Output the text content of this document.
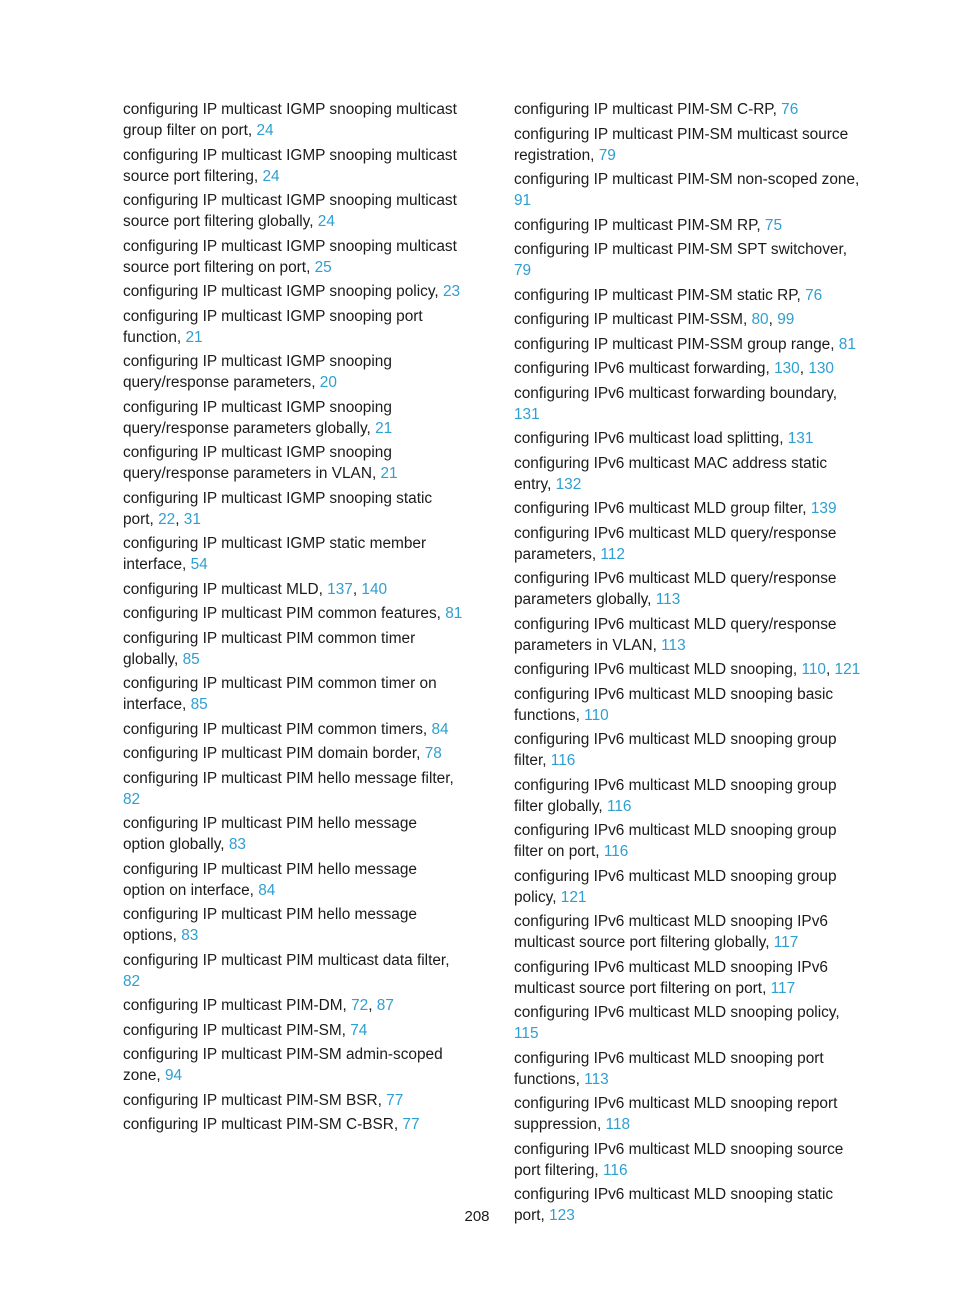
configuring IP multicast IGMP snooping multicast group filter on port, 24
configuring IP multicast IGMP snooping multicast source port filtering, 24
configuring IP multicast IGMP snooping multicast source port filtering globally, 24
configuring IP multicast IGMP snooping multicast source port filtering on port, 25
configuring IP multicast IGMP snooping policy, 23
configuring IP multicast IGMP snooping port function, 21
configuring IP multicast IGMP snooping query/response parameters, 20
configuring IP multicast IGMP snooping query/response parameters globally, 21
configuring IP multicast IGMP snooping query/response parameters in VLAN, 21
configuring IP multicast IGMP snooping static port, 22, 31
configuring IP multicast IGMP static member interface, 54
configuring IP multicast MLD, 137, 140
configuring IP multicast PIM common features, 81
configuring IP multicast PIM common timer globally, 85
configuring IP multicast PIM common timer on interface, 85
configuring IP multicast PIM common timers, 84
configuring IP multicast PIM domain border, 78
configuring IP multicast PIM hello message filter, 82
configuring IP multicast PIM hello message option globally, 83
configuring IP multicast PIM hello message option on interface, 84
configuring IP multicast PIM hello message options, 83
configuring IP multicast PIM multicast data filter, 82
configuring IP multicast PIM-DM, 72, 87
configuring IP multicast PIM-SM, 74
configuring IP multicast PIM-SM admin-scoped zone, 94
configuring IP multicast PIM-SM BSR, 77
configuring IP multicast PIM-SM C-BSR, 77
configuring IP multicast PIM-SM C-RP, 76
configuring IP multicast PIM-SM multicast source registration, 79
configuring IP multicast PIM-SM non-scoped zone, 91
configuring IP multicast PIM-SM RP, 75
configuring IP multicast PIM-SM SPT switchover, 79
configuring IP multicast PIM-SM static RP, 76
configuring IP multicast PIM-SSM, 80, 99
configuring IP multicast PIM-SSM group range, 81
configuring IPv6 multicast forwarding, 130, 130
configuring IPv6 multicast forwarding boundary, 131
configuring IPv6 multicast load splitting, 131
configuring IPv6 multicast MAC address static entry, 132
configuring IPv6 multicast MLD group filter, 139
configuring IPv6 multicast MLD query/response parameters, 112
configuring IPv6 multicast MLD query/response parameters globally, 113
configuring IPv6 multicast MLD query/response parameters in VLAN, 113
configuring IPv6 multicast MLD snooping, 110, 121
configuring IPv6 multicast MLD snooping basic functions, 110
configuring IPv6 multicast MLD snooping group filter, 116
configuring IPv6 multicast MLD snooping group filter globally, 116
configuring IPv6 multicast MLD snooping group filter on port, 116
configuring IPv6 multicast MLD snooping group policy, 121
configuring IPv6 multicast MLD snooping IPv6 multicast source port filtering globally, 117
configuring IPv6 multicast MLD snooping IPv6 multicast source port filtering on port, 117
configuring IPv6 multicast MLD snooping policy, 115
configuring IPv6 multicast MLD snooping port functions, 113
configuring IPv6 multicast MLD snooping report suppression, 118
configuring IPv6 multicast MLD snooping source port filtering, 116
configuring IPv6 multicast MLD snooping static port, 123
208
